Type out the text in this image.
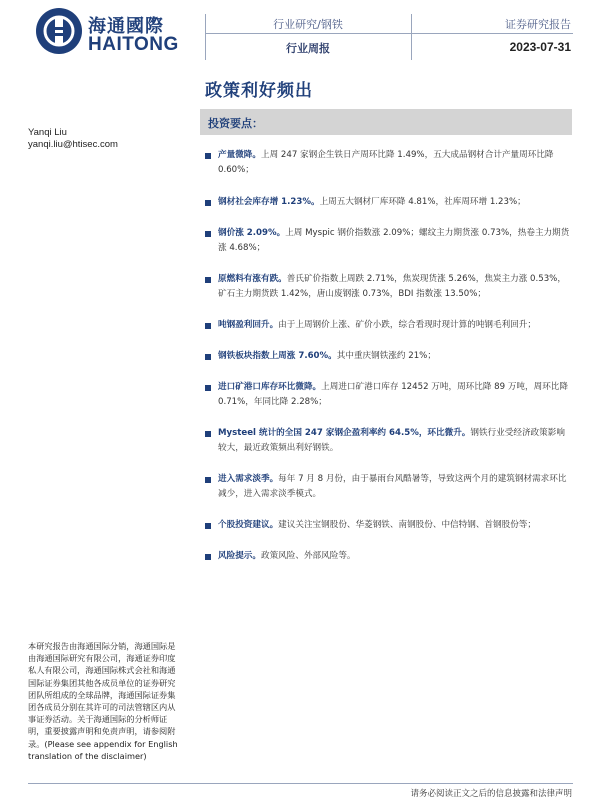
海通國際
HAITONG
行业研究/钢铁
行业周报
证券研究报告
2023-07-31
政策利好频出
Yanqi Liu
yanqi.liu@htisec.com
投资要点：
产量微降。上周 247 家钢企生铁日产周环比降 1.49%，五大成品钢材合计产量周环比降 0.60%；
钢材社会库存增 1.23%。上周五大钢材厂库环降 4.81%，社库周环增 1.23%；
钢价涨 2.09%。上周 Myspic 钢价指数涨 2.09%；螺纹主力期货涨 0.73%，热卷主力期货涨 4.68%；
原燃料有涨有跌。普氏矿价指数上周跌 2.71%，焦炭现货涨 5.26%，焦炭主力涨 0.53%，矿石主力期货跌 1.42%，唐山废钢涨 0.73%，BDI 指数涨 13.50%；
吨钢盈利回升。由于上周钢价上涨、矿价小跌，综合看现时现计算的吨钢毛利回升；
钢铁板块指数上周涨 7.60%。其中重庆钢铁涨约 21%；
进口矿港口库存环比微降。上周进口矿港口库存 12452 万吨，周环比降 89 万吨，周环比降 0.71%，年同比降 2.28%；
Mysteel 统计的全国 247 家钢企盈利率约 64.5%，环比微升。钢铁行业受经济政策影响较大，最近政策频出利好钢铁。
进入需求淡季。每年 7 月 8 月份，由于暴雨台风酷暑等，导致这两个月的建筑钢材需求环比减少，进入需求淡季模式。
个股投资建议。建议关注宝钢股份、华菱钢铁、南钢股份、中信特钢、首钢股份等；
风险提示。政策风险、外部风险等。
本研究报告由海通国际分销，海通国际是由海通国际研究有限公司，海通证券印度私人有限公司，海通国际株式会社和海通国际证券集团其他各成员单位的证券研究团队所组成的全球品牌，海通国际证券集团各成员分别在其许可的司法管辖区内从事证券活动。关于海通国际的分析师证明，重要披露声明和免责声明，请参阅附录。(Please see appendix for English translation of the disclaimer)
请务必阅读正文之后的信息披露和法律声明
